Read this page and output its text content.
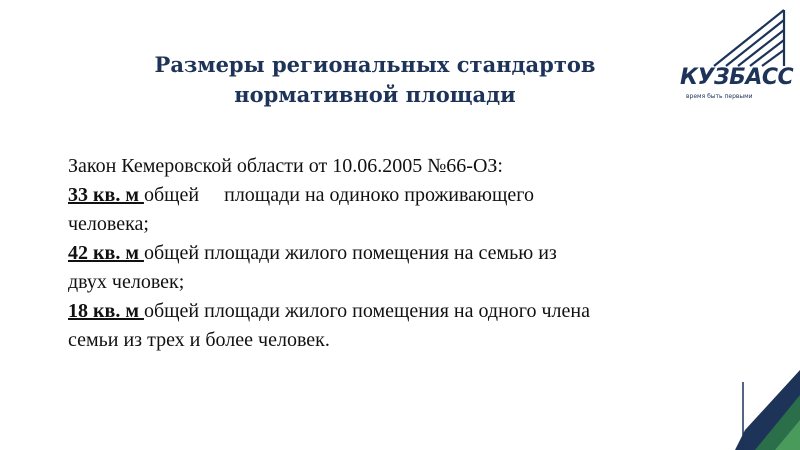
Размеры региональных стандартов
нормативной площади
КУЗБАСС
время быть первыми
Закон Кемеровской области от 10.06.2005 №66-ОЗ:
33 кв. м общей     площади на одиноко проживающего
человека;
42 кв. м общей площади жилого помещения на семью из
двух человек;
18 кв. м общей площади жилого помещения на одного члена
семьи из трех и более человек.
